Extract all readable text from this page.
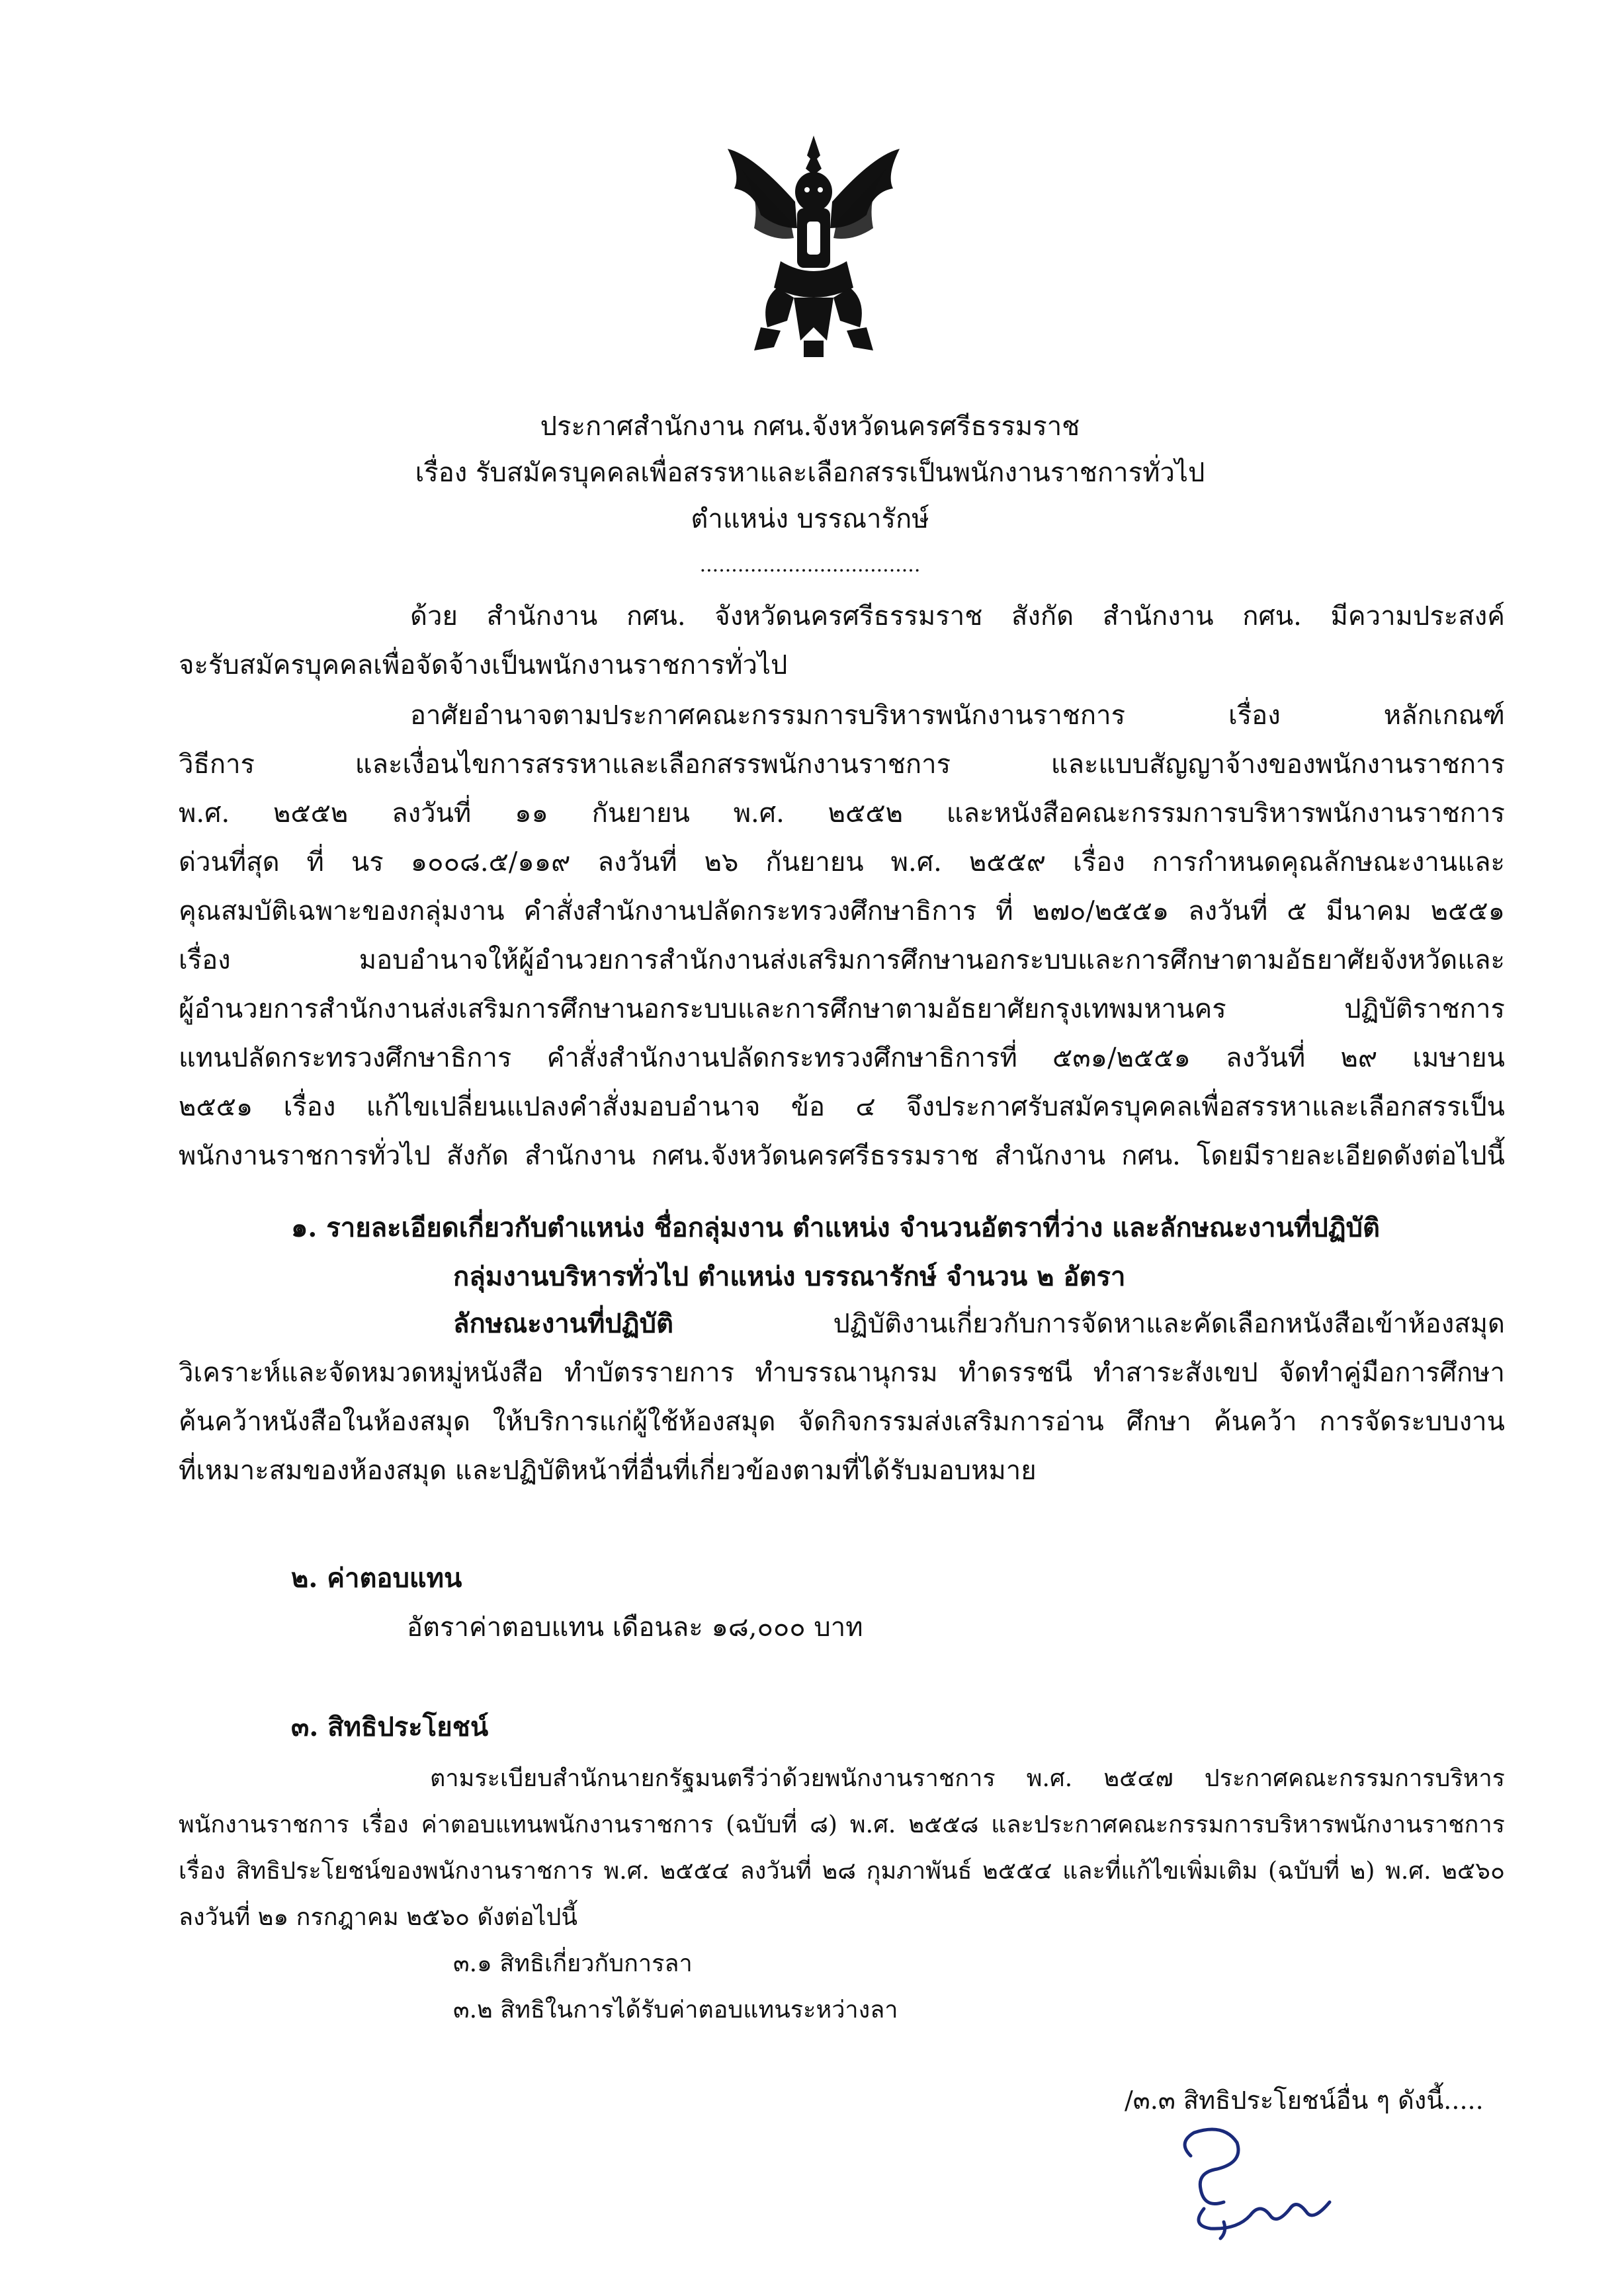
ประกาศสำนักงาน กศน.จังหวัดนครศรีธรรมราช
เรื่อง รับสมัครบุคคลเพื่อสรรหาและเลือกสรรเป็นพนักงานราชการทั่วไป
ตำแหน่ง บรรณารักษ์
...................................
ด้วย สำนักงาน กศน. จังหวัดนครศรีธรรมราช สังกัด สำนักงาน กศน. มีความประสงค์
จะรับสมัครบุคคลเพื่อจัดจ้างเป็นพนักงานราชการทั่วไป
อาศัยอำนาจตามประกาศคณะกรรมการบริหารพนักงานราชการ เรื่อง หลักเกณฑ์
วิธีการ และเงื่อนไขการสรรหาและเลือกสรรพนักงานราชการ และแบบสัญญาจ้างของพนักงานราชการ
พ.ศ. ๒๕๕๒ ลงวันที่ ๑๑ กันยายน พ.ศ. ๒๕๕๒ และหนังสือคณะกรรมการบริหารพนักงานราชการ
ด่วนที่สุด ที่ นร ๑๐๐๘.๕/๑๑๙ ลงวันที่ ๒๖ กันยายน พ.ศ. ๒๕๕๙ เรื่อง การกำหนดคุณลักษณะงานและ
คุณสมบัติเฉพาะของกลุ่มงาน คำสั่งสำนักงานปลัดกระทรวงศึกษาธิการ ที่ ๒๗๐/๒๕๕๑ ลงวันที่ ๕ มีนาคม ๒๕๕๑
เรื่อง มอบอำนาจให้ผู้อำนวยการสำนักงานส่งเสริมการศึกษานอกระบบและการศึกษาตามอัธยาศัยจังหวัดและ
ผู้อำนวยการสำนักงานส่งเสริมการศึกษานอกระบบและการศึกษาตามอัธยาศัยกรุงเทพมหานคร ปฏิบัติราชการ
แทนปลัดกระทรวงศึกษาธิการ คำสั่งสำนักงานปลัดกระทรวงศึกษาธิการที่ ๕๓๑/๒๕๕๑ ลงวันที่ ๒๙ เมษายน
๒๕๕๑ เรื่อง แก้ไขเปลี่ยนแปลงคำสั่งมอบอำนาจ ข้อ ๔ จึงประกาศรับสมัครบุคคลเพื่อสรรหาและเลือกสรรเป็น
พนักงานราชการทั่วไป สังกัด สำนักงาน กศน.จังหวัดนครศรีธรรมราช สำนักงาน กศน. โดยมีรายละเอียดดังต่อไปนี้
๑. รายละเอียดเกี่ยวกับตำแหน่ง ชื่อกลุ่มงาน ตำแหน่ง จำนวนอัตราที่ว่าง และลักษณะงานที่ปฏิบัติ
กลุ่มงานบริหารทั่วไป ตำแหน่ง บรรณารักษ์ จำนวน ๒ อัตรา
ลักษณะงานที่ปฏิบัติ ปฏิบัติงานเกี่ยวกับการจัดหาและคัดเลือกหนังสือเข้าห้องสมุด
วิเคราะห์และจัดหมวดหมู่หนังสือ ทำบัตรรายการ ทำบรรณานุกรม ทำดรรชนี ทำสาระสังเขป จัดทำคู่มือการศึกษา
ค้นคว้าหนังสือในห้องสมุด ให้บริการแก่ผู้ใช้ห้องสมุด จัดกิจกรรมส่งเสริมการอ่าน ศึกษา ค้นคว้า การจัดระบบงาน
ที่เหมาะสมของห้องสมุด และปฏิบัติหน้าที่อื่นที่เกี่ยวข้องตามที่ได้รับมอบหมาย
๒. ค่าตอบแทน
อัตราค่าตอบแทน เดือนละ ๑๘,๐๐๐ บาท
๓. สิทธิประโยชน์
ตามระเบียบสำนักนายกรัฐมนตรีว่าด้วยพนักงานราชการ พ.ศ. ๒๕๔๗ ประกาศคณะกรรมการบริหาร
พนักงานราชการ เรื่อง ค่าตอบแทนพนักงานราชการ (ฉบับที่ ๘) พ.ศ. ๒๕๕๘ และประกาศคณะกรรมการบริหารพนักงานราชการ
เรื่อง สิทธิประโยชน์ของพนักงานราชการ พ.ศ. ๒๕๕๔ ลงวันที่ ๒๘ กุมภาพันธ์ ๒๕๕๔ และที่แก้ไขเพิ่มเติม (ฉบับที่ ๒) พ.ศ. ๒๕๖๐
ลงวันที่ ๒๑ กรกฎาคม ๒๕๖๐ ดังต่อไปนี้
๓.๑ สิทธิเกี่ยวกับการลา
๓.๒ สิทธิในการได้รับค่าตอบแทนระหว่างลา
/๓.๓ สิทธิประโยชน์อื่น ๆ ดังนี้.....
